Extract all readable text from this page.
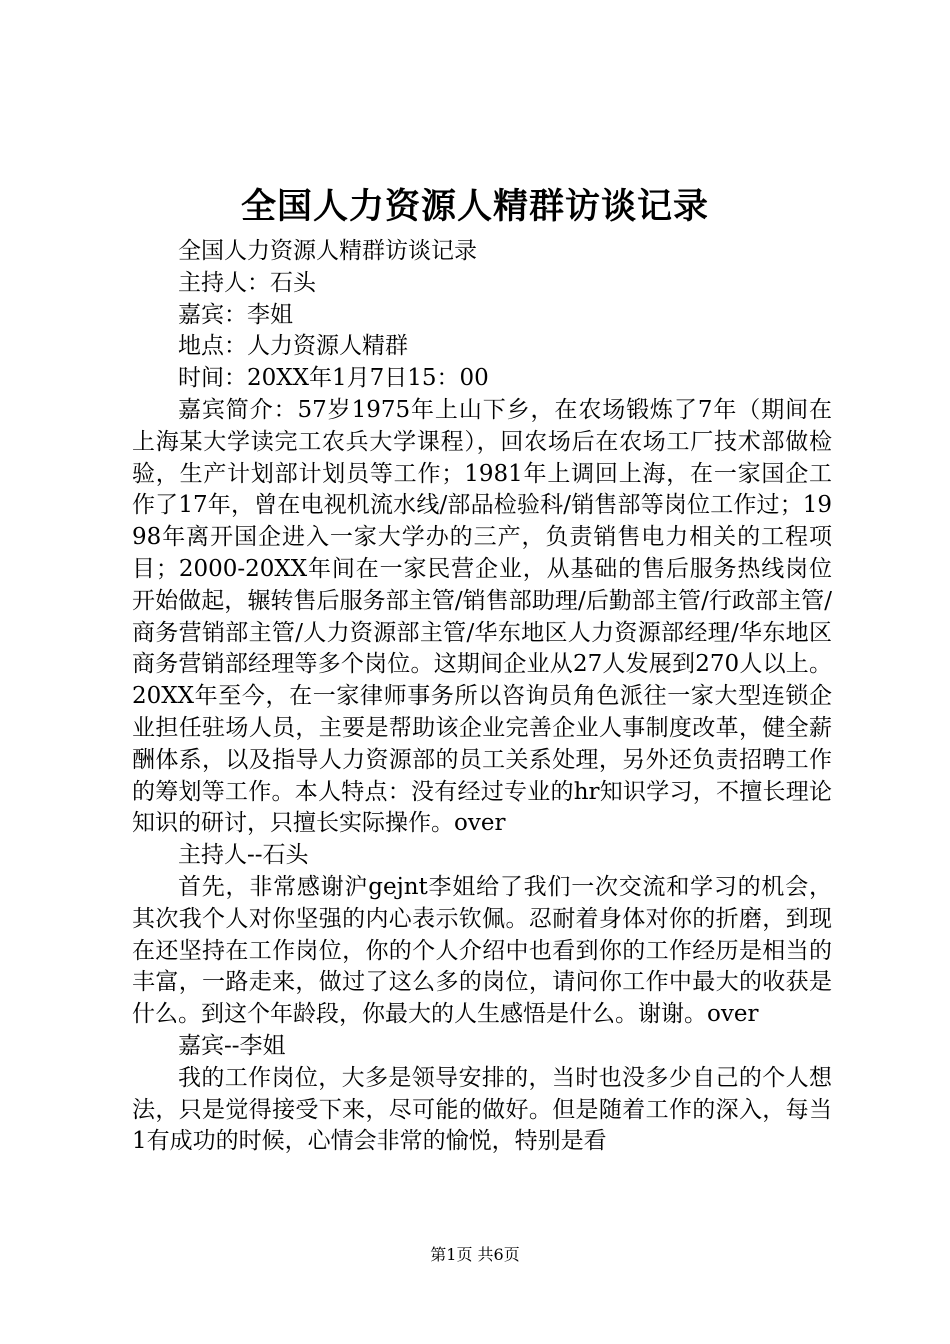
全国人力资源人精群访谈记录

全国人力资源人精群访谈记录

主持人：石头

嘉宾：李姐

地点：人力资源人精群

时间：20XX年1月7日15：00

嘉宾简介：57岁1975年上山下乡，在农场锻炼了7年（期间在上海某大学读完工农兵大学课程），回农场后在农场工厂技术部做检验，生产计划部计划员等工作；1981年上调回上海，在一家国企工作了17年，曾在电视机流水线/部品检验科/销售部等岗位工作过；1998年离开国企进入一家大学办的三产，负责销售电力相关的工程项目；2000-20XX年间在一家民营企业，从基础的售后服务热线岗位开始做起，辗转售后服务部主管/销售部助理/后勤部主管/行政部主管/商务营销部主管/人力资源部主管/华东地区人力资源部经理/华东地区商务营销部经理等多个岗位。这期间企业从27人发展到270人以上。20XX年至今，在一家律师事务所以咨询员角色派往一家大型连锁企业担任驻场人员，主要是帮助该企业完善企业人事制度改革，健全薪酬体系，以及指导人力资源部的员工关系处理，另外还负责招聘工作的筹划等工作。本人特点：没有经过专业的hr知识学习，不擅长理论知识的研讨，只擅长实际操作。over

主持人--石头

首先，非常感谢沪gejnt李姐给了我们一次交流和学习的机会，其次我个人对你坚强的内心表示钦佩。忍耐着身体对你的折磨，到现在还坚持在工作岗位，你的个人介绍中也看到你的工作经历是相当的丰富，一路走来，做过了这么多的岗位，请问你工作中最大的收获是什么。到这个年龄段，你最大的人生感悟是什么。谢谢。over

嘉宾--李姐

我的工作岗位，大多是领导安排的，当时也没多少自己的个人想法，只是觉得接受下来，尽可能的做好。但是随着工作的深入，每当1有成功的时候，心情会非常的愉悦，特别是看

第1页 共6页
